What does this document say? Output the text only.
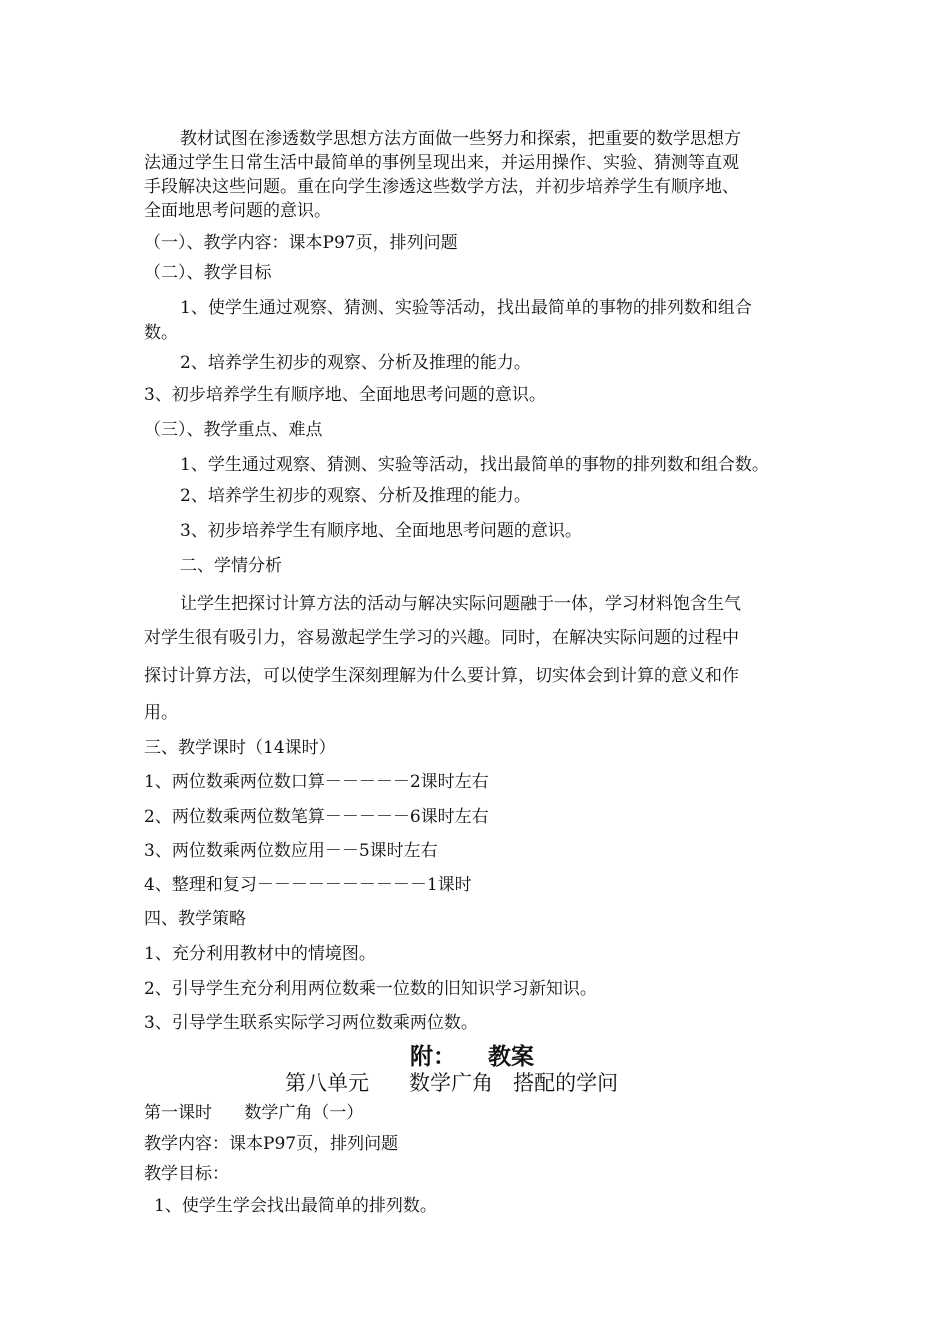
教材试图在渗透数学思想方法方面做一些努力和探索，把重要的数学思想方
法通过学生日常生活中最简单的事例呈现出来，并运用操作、实验、猜测等直观
手段解决这些问题。重在向学生渗透这些数学方法，并初步培养学生有顺序地、
全面地思考问题的意识。
（一）、教学内容：课本P97页，排列问题
（二）、教学目标
1、使学生通过观察、猜测、实验等活动，找出最简单的事物的排列数和组合
数。
2、培养学生初步的观察、分析及推理的能力。
3、初步培养学生有顺序地、全面地思考问题的意识。
（三）、教学重点、难点
1、学生通过观察、猜测、实验等活动，找出最简单的事物的排列数和组合数。
2、培养学生初步的观察、分析及推理的能力。
3、初步培养学生有顺序地、全面地思考问题的意识。
二、学情分析
让学生把探讨计算方法的活动与解决实际问题融于一体，学习材料饱含生气
对学生很有吸引力，容易激起学生学习的兴趣。同时，在解决实际问题的过程中
探讨计算方法，可以使学生深刻理解为什么要计算，切实体会到计算的意义和作
用。
三、教学课时（14课时）
1、两位数乘两位数口算－－－－－2课时左右
2、两位数乘两位数笔算－－－－－6课时左右
3、两位数乘两位数应用－－5课时左右
4、整理和复习－－－－－－－－－－1课时
四、教学策略
1、充分利用教材中的情境图。
2、引导学生充分利用两位数乘一位数的旧知识学习新知识。
3、引导学生联系实际学习两位数乘两位数。
附：    教案
第八单元      数学广角   搭配的学问
第一课时      数学广角（一）
教学内容：课本P97页，排列问题
教学目标：
1、使学生学会找出最简单的排列数。
